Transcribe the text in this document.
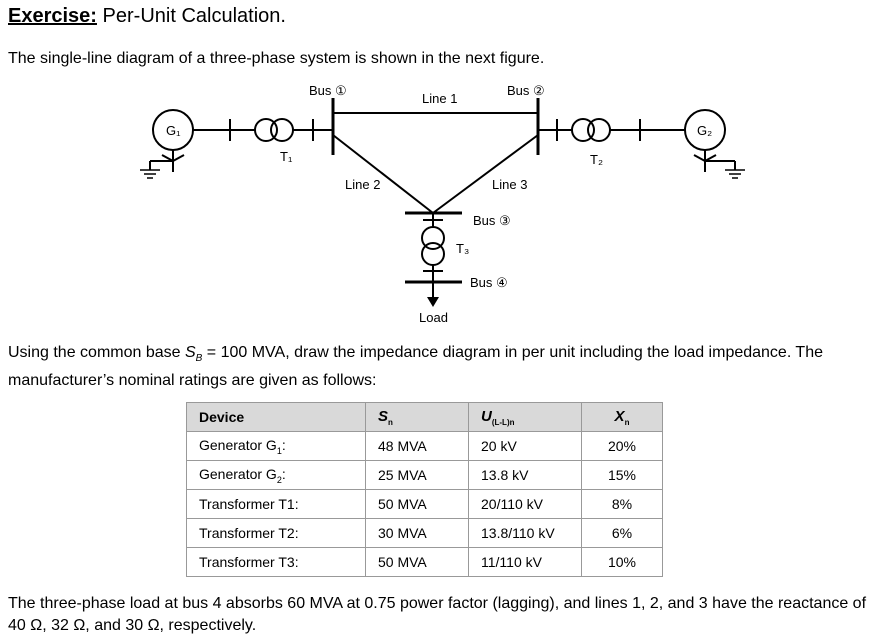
Exercise: Per-Unit Calculation.
The single-line diagram of a three-phase system is shown in the next figure.
G₁	G₂
T₁	T₂
T₃
Bus ①	Bus ②
Bus ③
Bus ④
Line 1
Line 2	Line 3
Load
Using the common base $S_B = 100$ MVA, draw the impedance diagram in per unit including the load impedance. The manufacturer’s nominal ratings are given as follows:
Device	$S_n$	$U_{(L-L)n}$	$X_n$
Generator $G_1$:	48 MVA	20 kV	20%
Generator $G_2$:	25 MVA	13.8 kV	15%
Transformer T1:	50 MVA	20/110 kV	8%
Transformer T2:	30 MVA	13.8/110 kV	6%
Transformer T3:	50 MVA	11/110 kV	10%
The three-phase load at bus 4 absorbs 60 MVA at 0.75 power factor (lagging), and lines 1, 2, and 3 have the reactance of 40 Ω, 32 Ω, and 30 Ω, respectively.
